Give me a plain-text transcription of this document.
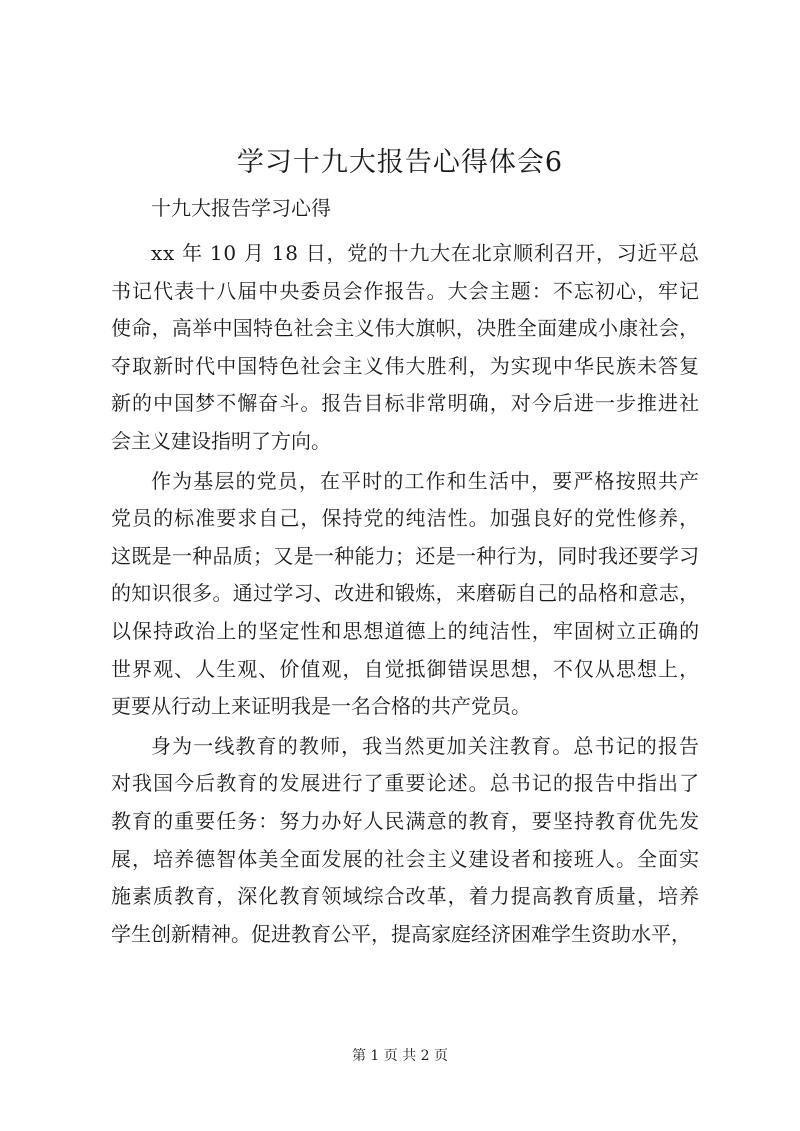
学习十九大报告心得体会6

十九大报告学习心得

xx 年 10 月 18 日，党的十九大在北京顺利召开，习近平总
书记代表十八届中央委员会作报告。大会主题：不忘初心，牢记
使命，高举中国特色社会主义伟大旗帜，决胜全面建成小康社会，
夺取新时代中国特色社会主义伟大胜利，为实现中华民族未答复
新的中国梦不懈奋斗。报告目标非常明确，对今后进一步推进社
会主义建设指明了方向。

作为基层的党员，在平时的工作和生活中，要严格按照共产
党员的标准要求自己，保持党的纯洁性。加强良好的党性修养，
这既是一种品质；又是一种能力；还是一种行为，同时我还要学习
的知识很多。通过学习、改进和锻炼，来磨砺自己的品格和意志，
以保持政治上的坚定性和思想道德上的纯洁性，牢固树立正确的
世界观、人生观、价值观，自觉抵御错误思想，不仅从思想上，
更要从行动上来证明我是一名合格的共产党员。

身为一线教育的教师，我当然更加关注教育。总书记的报告
对我国今后教育的发展进行了重要论述。总书记的报告中指出了
教育的重要任务：努力办好人民满意的教育，要坚持教育优先发
展，培养德智体美全面发展的社会主义建设者和接班人。全面实
施素质教育，深化教育领域综合改革，着力提高教育质量，培养
学生创新精神。促进教育公平，提高家庭经济困难学生资助水平，

第 1 页 共 2 页
